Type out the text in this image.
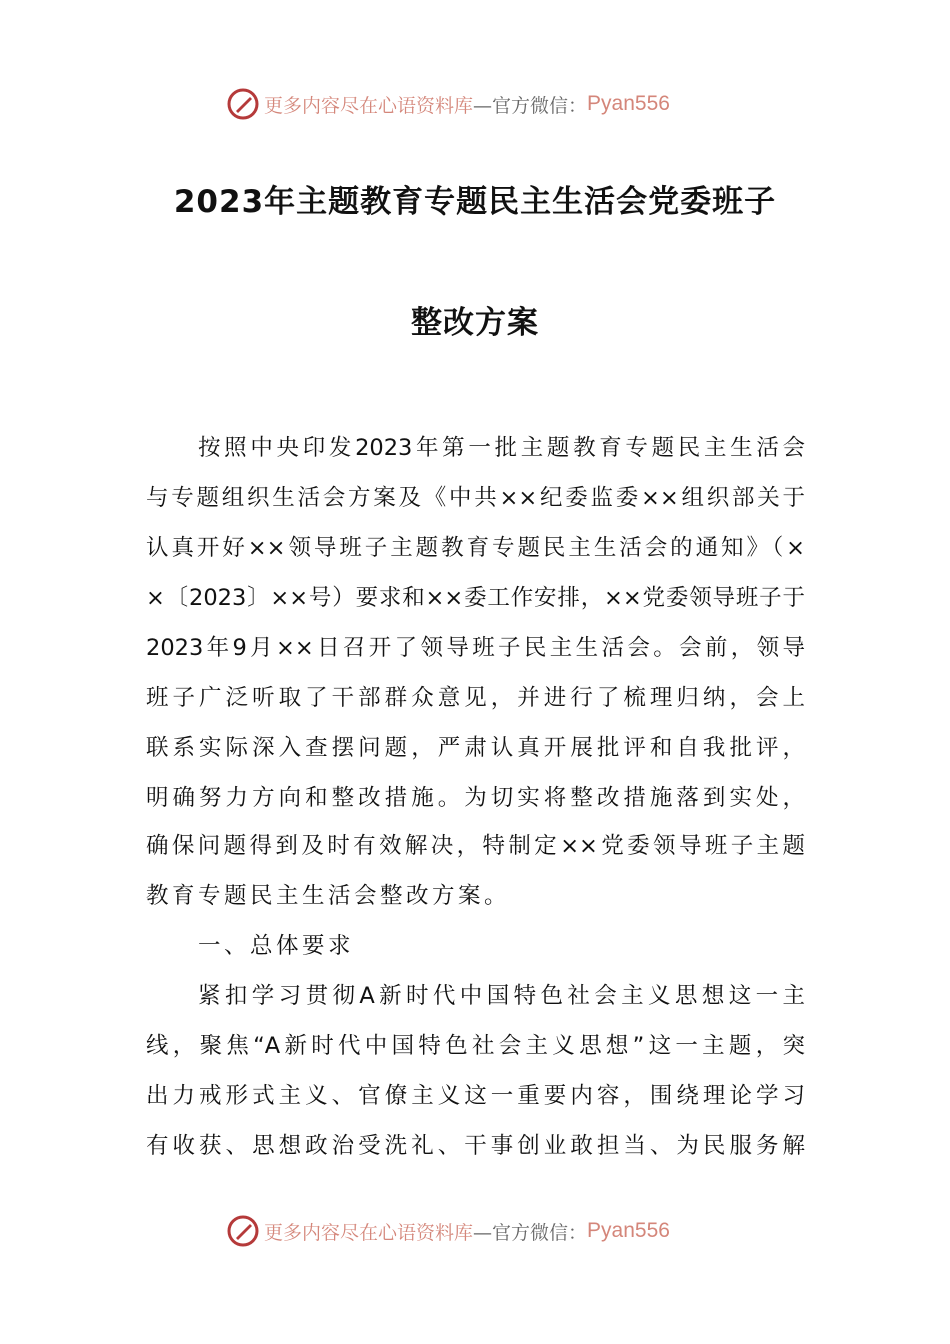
更多内容尽在心语资料库 —官方微信： Pyan556
2023年主题教育专题民主生活会党委班子
整改方案
按照中央印发2023年第一批主题教育专题民主生活会
与专题组织生活会方案及《中共××纪委监委××组织部关于
认真开好××领导班子主题教育专题民主生活会的通知》（×
×〔2023〕××号）要求和××委工作安排，××党委领导班子于
2023年9月××日召开了领导班子民主生活会。会前，领导
班子广泛听取了干部群众意见，并进行了梳理归纳，会上
联系实际深入查摆问题，严肃认真开展批评和自我批评，
明确努力方向和整改措施。为切实将整改措施落到实处，
确保问题得到及时有效解决，特制定××党委领导班子主题
教育专题民主生活会整改方案。
一、总体要求
紧扣学习贯彻A新时代中国特色社会主义思想这一主
线，聚焦“A新时代中国特色社会主义思想”这一主题，突
出力戒形式主义、官僚主义这一重要内容，围绕理论学习
有收获、思想政治受洗礼、干事创业敢担当、为民服务解
更多内容尽在心语资料库 —官方微信： Pyan556
